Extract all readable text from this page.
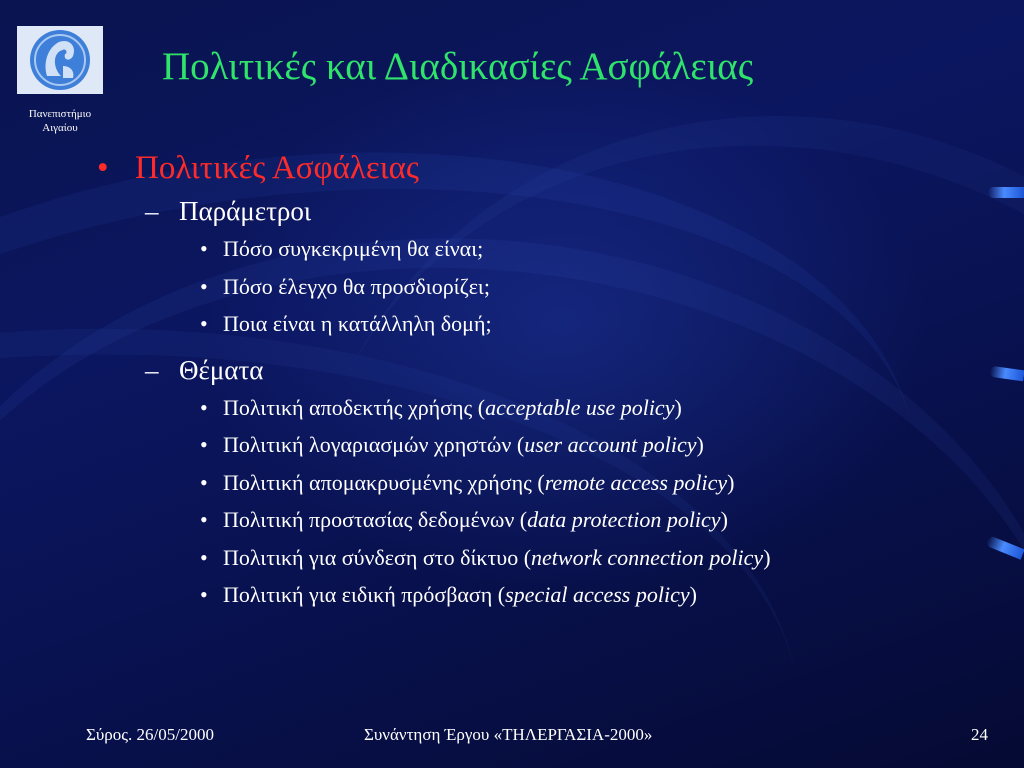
Πανεπιστήμιο
Αιγαίου
Πολιτικές και Διαδικασίες Ασφάλειας
• Πολιτικές Ασφάλειας
– Παράμετροι
• Πόσο συγκεκριμένη θα είναι;
• Πόσο έλεγχο θα προσδιορίζει;
• Ποια είναι η κατάλληλη δομή;
– Θέματα
• Πολιτική αποδεκτής χρήσης (acceptable use policy)
• Πολιτική λογαριασμών χρηστών (user account policy)
• Πολιτική απομακρυσμένης χρήσης (remote access policy)
• Πολιτική προστασίας δεδομένων (data protection policy)
• Πολιτική για σύνδεση στο δίκτυο (network connection policy)
• Πολιτική για ειδική πρόσβαση (special access policy)
Σύρος. 26/05/2000	Συνάντηση Έργου «ΤΗΛΕΡΓΑΣΙΑ-2000»	24
